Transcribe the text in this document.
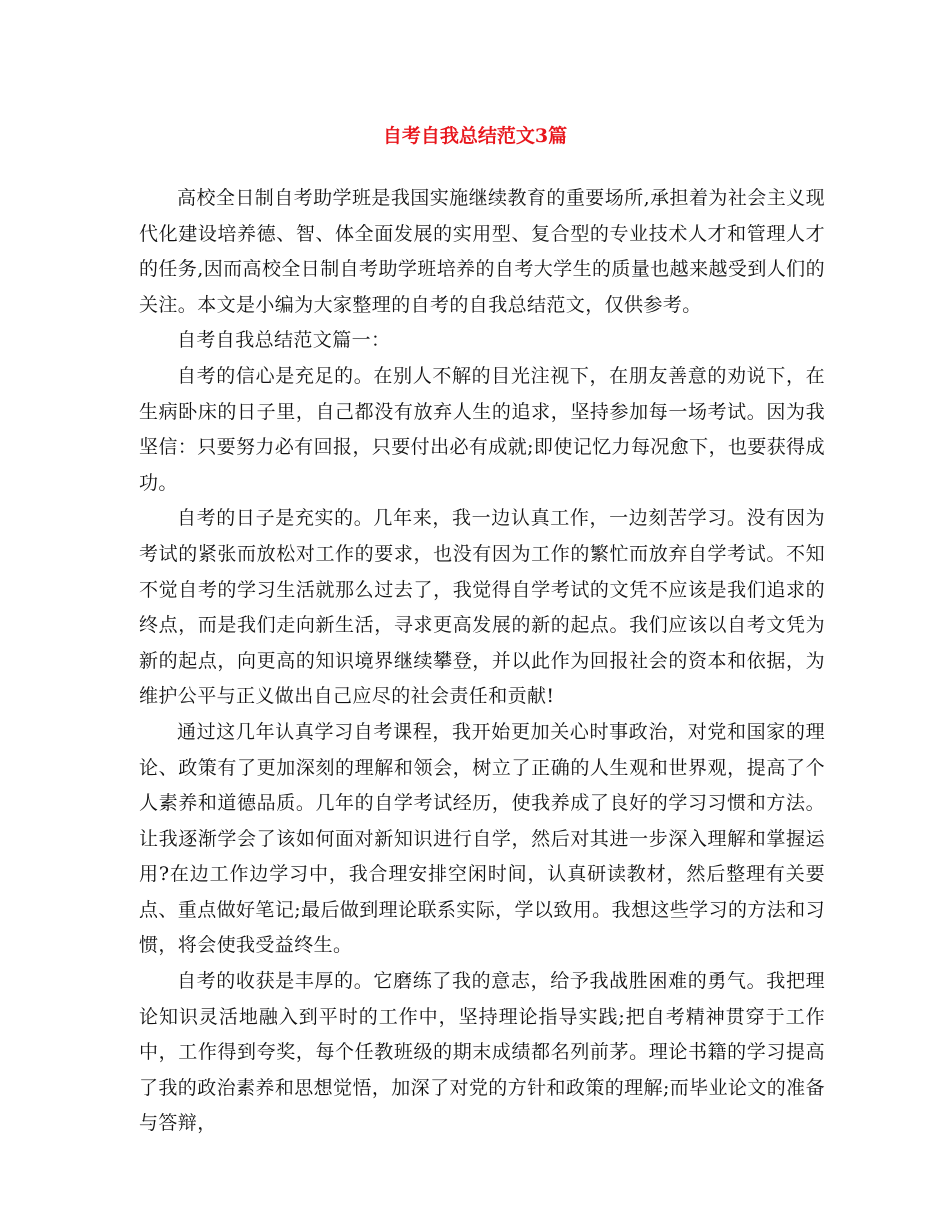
自考自我总结范文3篇

高校全日制自考助学班是我国实施继续教育的重要场所,承担着为社会主义现代化建设培养德、智、体全面发展的实用型、复合型的专业技术人才和管理人才的任务,因而高校全日制自考助学班培养的自考大学生的质量也越来越受到人们的关注。本文是小编为大家整理的自考的自我总结范文，仅供参考。

自考自我总结范文篇一：

自考的信心是充足的。在别人不解的目光注视下，在朋友善意的劝说下，在生病卧床的日子里，自己都没有放弃人生的追求，坚持参加每一场考试。因为我坚信：只要努力必有回报，只要付出必有成就;即使记忆力每况愈下，也要获得成功。

自考的日子是充实的。几年来，我一边认真工作，一边刻苦学习。没有因为考试的紧张而放松对工作的要求，也没有因为工作的繁忙而放弃自学考试。不知不觉自考的学习生活就那么过去了，我觉得自学考试的文凭不应该是我们追求的终点，而是我们走向新生活，寻求更高发展的新的起点。我们应该以自考文凭为新的起点，向更高的知识境界继续攀登，并以此作为回报社会的资本和依据，为维护公平与正义做出自己应尽的社会责任和贡献!

通过这几年认真学习自考课程，我开始更加关心时事政治，对党和国家的理论、政策有了更加深刻的理解和领会，树立了正确的人生观和世界观，提高了个人素养和道德品质。几年的自学考试经历，使我养成了良好的学习习惯和方法。让我逐渐学会了该如何面对新知识进行自学，然后对其进一步深入理解和掌握运用?在边工作边学习中，我合理安排空闲时间，认真研读教材，然后整理有关要点、重点做好笔记;最后做到理论联系实际，学以致用。我想这些学习的方法和习惯，将会使我受益终生。

自考的收获是丰厚的。它磨练了我的意志，给予我战胜困难的勇气。我把理论知识灵活地融入到平时的工作中，坚持理论指导实践;把自考精神贯穿于工作中，工作得到夸奖，每个任教班级的期末成绩都名列前茅。理论书籍的学习提高了我的政治素养和思想觉悟，加深了对党的方针和政策的理解;而毕业论文的准备与答辩，
